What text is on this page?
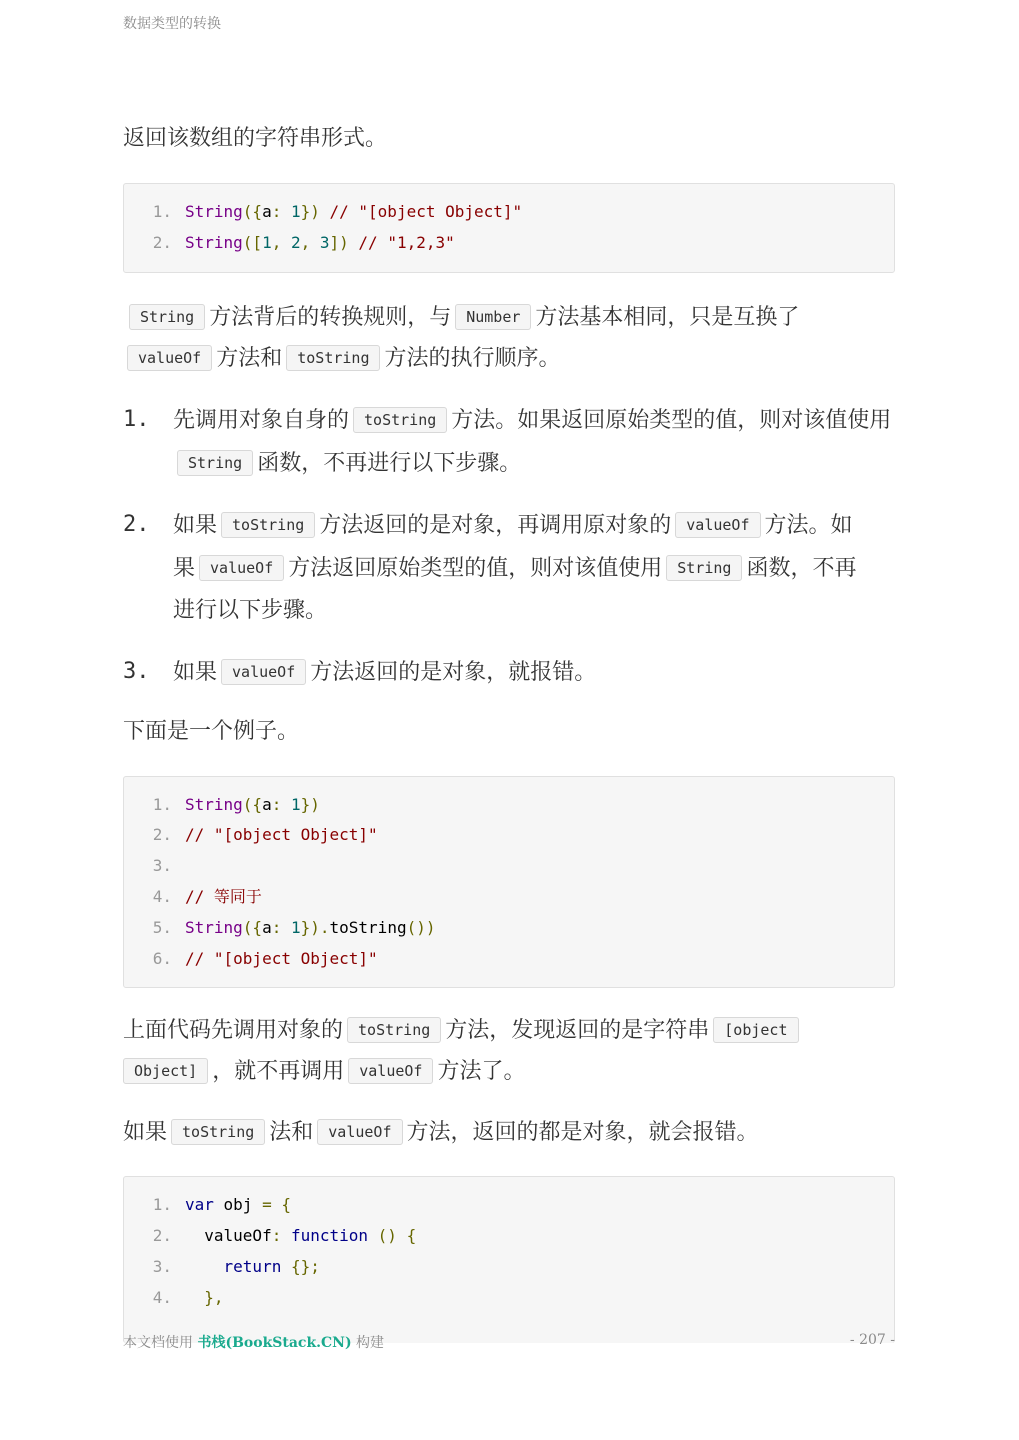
数据类型的转换

返回该数组的字符串形式。

1. String({a: 1}) // "[object Object]"
2. String([1, 2, 3]) // "1,2,3"

String 方法背后的转换规则，与 Number 方法基本相同，只是互换了valueOf 方法和 toString 方法的执行顺序。

1.	先调用对象自身的 toString 方法。如果返回原始类型的值，则对该值使用String 函数，不再进行以下步骤。
2.	如果 toString 方法返回的是对象，再调用原对象的 valueOf 方法。如果 valueOf 方法返回原始类型的值，则对该值使用 String 函数，不再进行以下步骤。
3.	如果 valueOf 方法返回的是对象，就报错。

下面是一个例子。

1. String({a: 1})
2. // "[object Object]"
3.
4. // 等同于
5. String({a: 1}).toString())
6. // "[object Object]"

上面代码先调用对象的 toString 方法，发现返回的是字符串 [object
Object] ，就不再调用 valueOf 方法了。

如果 toString 法和 valueOf 方法，返回的都是对象，就会报错。

1. var obj = {
2.	valueOf: function () {
3.	return {};
4.	},
本文档使用 书栈(BookStack.CN) 构建	- 207 -
